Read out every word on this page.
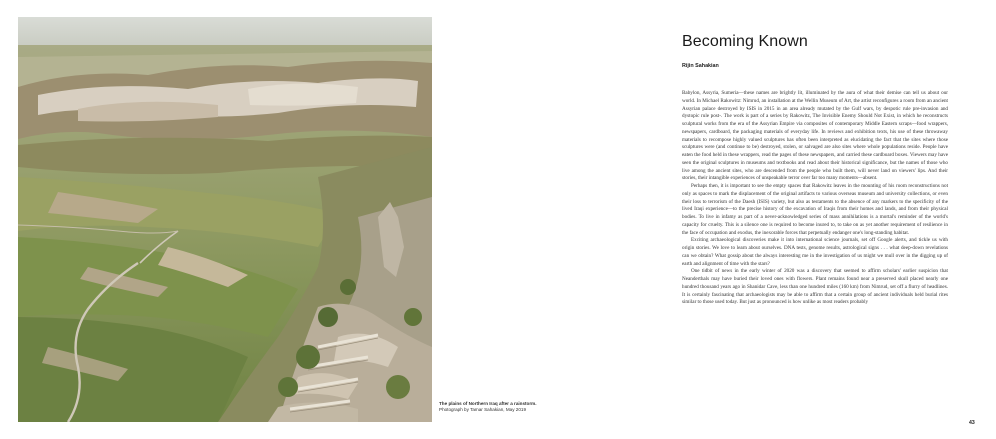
The plains of Northern Iraq after a rainstorm.
Photograph by Tamar Sahakian, May 2019
Becoming Known
Rijin Sahakian

Babylon, Assyria, Sumeria—these names are brightly lit, illuminated by the aura of what their demise can tell us about our world. In Michael Rakowitz: Nimrud, an installation at the Wellin Museum of Art, the artist reconfigures a room from an ancient Assyrian palace destroyed by ISIS in 2015 in an area already mutated by the Gulf wars, by despotic rule pre-invasion and dystopic rule post-. The work is part of a series by Rakowitz, The Invisible Enemy Should Not Exist, in which he reconstructs sculptural works from the era of the Assyrian Empire via composites of contemporary Middle Eastern scraps—food wrappers, newspapers, cardboard, the packaging materials of everyday life. In reviews and exhibition texts, his use of these throwaway materials to recompose highly valued sculptures has often been interpreted as elucidating the fact that the sites where those sculptures were (and continue to be) destroyed, stolen, or salvaged are also sites where whole populations reside. People have eaten the food held in these wrappers, read the pages of these newspapers, and carried these cardboard boxes. Viewers may have seen the original sculptures in museums and textbooks and read about their historical significance, but the names of those who live among the ancient sites, who are descended from the people who built them, will never land on viewers' lips. And their stories, their intangible experiences of unspeakable terror over far too many moments—absent.

Perhaps then, it is important to see the empty spaces that Rakowitz leaves in the mounting of his room reconstructions not only as spaces to mark the displacement of the original artifacts to various overseas museum and university collections, or even their loss to terrorism of the Daesh (ISIS) variety, but also as testaments to the absence of any markers to the specificity of the lived Iraqi experience—to the precise history of the excavation of Iraqis from their homes and lands, and from their physical bodies. To live in infamy as part of a never-acknowledged series of mass annihilations is a mortal's reminder of the world's capacity for cruelty. This is a silence one is required to become inured to, to take on as yet another requirement of resilience in the face of occupation and exodus, the inexorable forces that perpetually endanger one's long-standing habitat.

Exciting archaeological discoveries make it into international science journals, set off Google alerts, and tickle us with origin stories. We love to learn about ourselves. DNA tests, genome results, astrological signs . . . what deep-down revelations can we obtain? What gossip about the always interesting me in the investigation of us might we mull over in the digging up of earth and alignment of time with the stars?

One tidbit of news in the early winter of 2020 was a discovery that seemed to affirm scholars' earlier suspicion that Neanderthals may have buried their loved ones with flowers. Plant remains found near a preserved skull placed nearly one hundred thousand years ago in Shanidar Cave, less than one hundred miles (160 km) from Nimrud, set off a flurry of headlines. It is certainly fascinating that archaeologists may be able to affirm that a certain group of ancient individuals held burial rites similar to those used today. But just as pronounced is how unlike as most readers probably

43
